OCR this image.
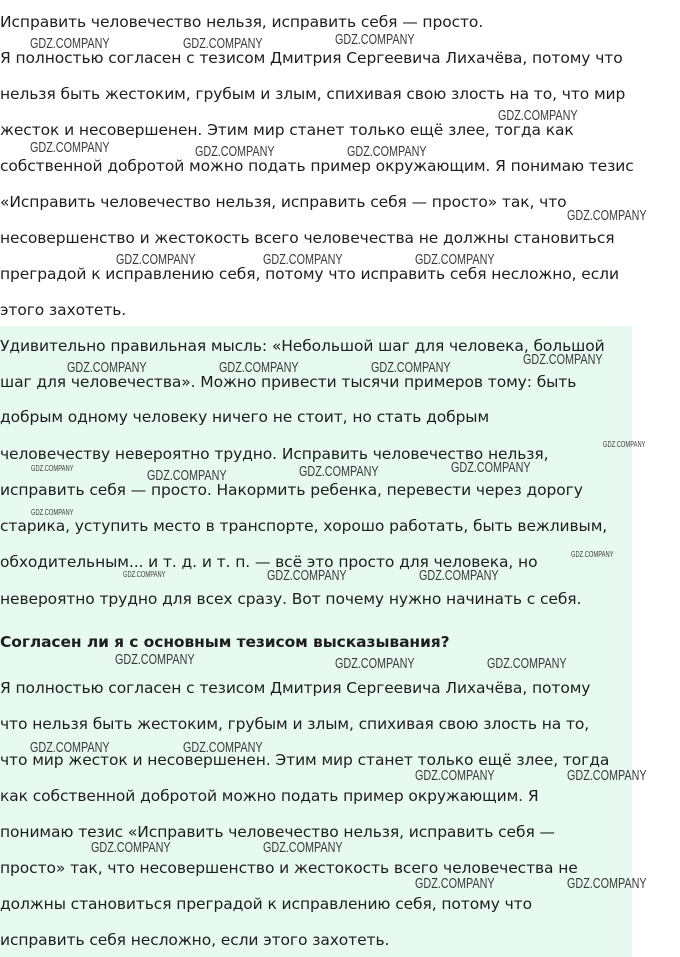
Исправить человечество нельзя, исправить себя — просто.
Я полностью согласен с тезисом Дмитрия Сергеевича Лихачёва, потому что
нельзя быть жестоким, грубым и злым, спихивая свою злость на то, что мир
жесток и несовершенен. Этим мир станет только ещё злее, тогда как
собственной добротой можно подать пример окружающим. Я понимаю тезис
«Исправить человечество нельзя, исправить себя — просто» так, что
несовершенство и жестокость всего человечества не должны становиться
преградой к исправлению себя, потому что исправить себя несложно, если
этого захотеть.
Удивительно правильная мысль: «Небольшой шаг для человека, большой
шаг для человечества». Можно привести тысячи примеров тому: быть
добрым одному человеку ничего не стоит, но стать добрым
человечеству невероятно трудно. Исправить человечество нельзя,
исправить себя — просто. Накормить ребенка, перевести через дорогу
старика, уступить место в транспорте, хорошо работать, быть вежливым,
обходительным... и т. д. и т. п. — всё это просто для человека, но
невероятно трудно для всех сразу. Вот почему нужно начинать с себя.
Согласен ли я с основным тезисом высказывания?
Я полностью согласен с тезисом Дмитрия Сергеевича Лихачёва, потому
что нельзя быть жестоким, грубым и злым, спихивая свою злость на то,
что мир жесток и несовершенен. Этим мир станет только ещё злее, тогда
как собственной добротой можно подать пример окружающим. Я
понимаю тезис «Исправить человечество нельзя, исправить себя —
просто» так, что несовершенство и жестокость всего человечества не
должны становиться преградой к исправлению себя, потому что
исправить себя несложно, если этого захотеть.
GDZ.COMPANY	GDZ.COMPANY	GDZ.COMPANY
GDZ.COMPANY
GDZ.COMPANY	GDZ.COMPANY	GDZ.COMPANY
GDZ.COMPANY
GDZ.COMPANY	GDZ.COMPANY	GDZ.COMPANY
GDZ.COMPANY
GDZ.COMPANY	GDZ.COMPANY	GDZ.COMPANY
GDZ.COMPANY
GDZ.COMPANY	GDZ.COMPANY	GDZ.COMPANY	GDZ.COMPANY
GDZ.COMPANY
GDZ.COMPANY
GDZ.COMPANY	GDZ.COMPANY	GDZ.COMPANY
GDZ.COMPANY	GDZ.COMPANY	GDZ.COMPANY
GDZ.COMPANY	GDZ.COMPANY
GDZ.COMPANY	GDZ.COMPANY
GDZ.COMPANY	GDZ.COMPANY
GDZ.COMPANY	GDZ.COMPANY
